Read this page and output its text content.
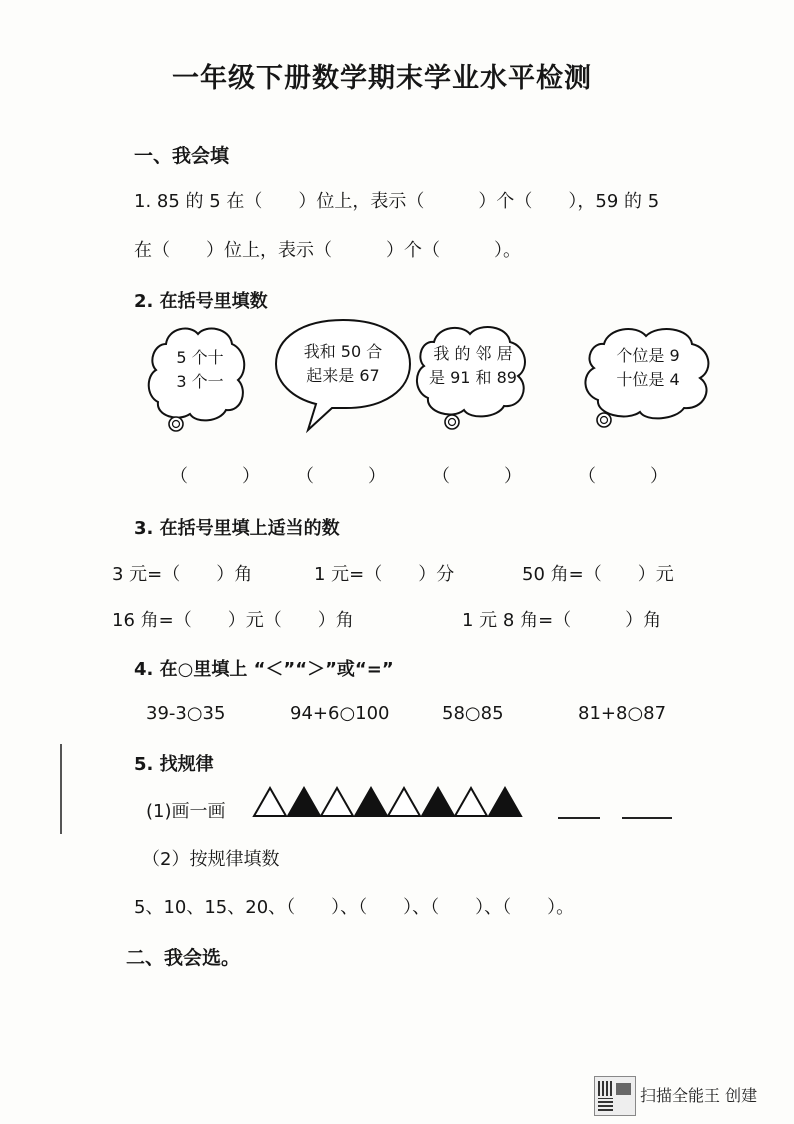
一年级下册数学期末学业水平检测
一、我会填
1. 85 的 5 在（　　）位上，表示（　　　）个（　　），59 的 5
在（　　）位上，表示（　　　）个（　　　）。
2. 在括号里填数
5 个十
3 个一
我和 50 合
起来是 67
我 的 邻 居
是 91 和 89
个位是 9
十位是 4
（　　　） （　　　）	（　　　）	（　　　）
3. 在括号里填上适当的数
3 元=（　　）角	1 元=（　　）分	50 角=（　　）元
16 角=（　　）元（　　）角	1 元 8 角=（　　　）角
4. 在○里填上 “＜”“＞”或“=”
39-3○35	94+6○100	58○85	81+8○87
5. 找规律
(1)画一画
（2）按规律填数
5、10、15、20、（　　）、（　　）、（　　）、（　　）。
二、我会选。
扫描全能王 创建
